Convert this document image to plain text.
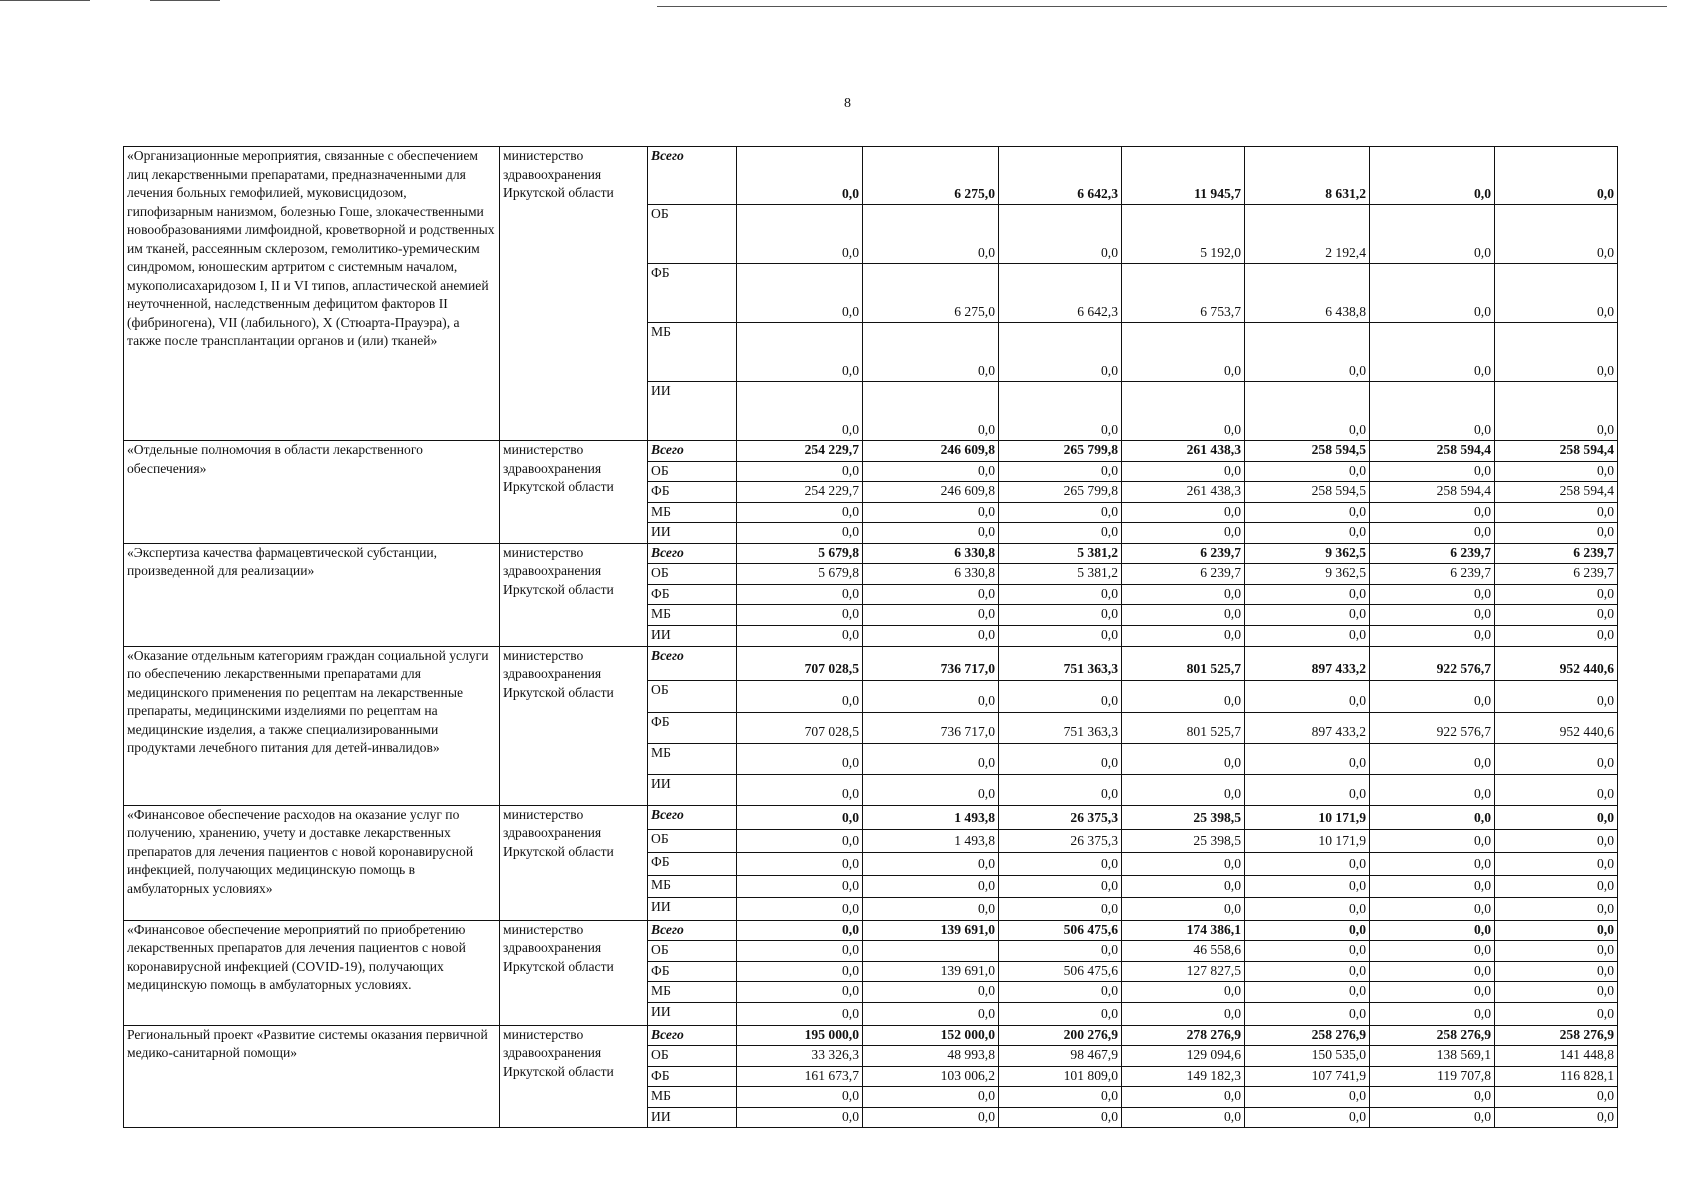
8
«Организационные мероприятия, связанные с обеспечением лиц лекарственными препаратами, предназначенными для лечения больных гемофилией, муковисцидозом, гипофизарным нанизмом, болезнью Гоше, злокачественными новообразованиями лимфоидной, кроветворной и родственных им тканей, рассеянным склерозом, гемолитико-уремическим синдромом, юношеским артритом с системным началом, мукополисахаридозом I, II и VI типов, апластической анемией неуточненной, наследственным дефицитом факторов II (фибриногена), VII (лабильного), X (Стюарта-Прауэра), а также после трансплантации органов и (или) тканей»	министерство здравоохранения Иркутской области	Всего	0,0	6 275,0	6 642,3	11 945,7	8 631,2	0,0	0,0
		ОБ	0,0	0,0	0,0	5 192,0	2 192,4	0,0	0,0
		ФБ	0,0	6 275,0	6 642,3	6 753,7	6 438,8	0,0	0,0
		МБ	0,0	0,0	0,0	0,0	0,0	0,0	0,0
		ИИ	0,0	0,0	0,0	0,0	0,0	0,0	0,0
«Отдельные полномочия в области лекарственного обеспечения»	министерство здравоохранения Иркутской области	Всего	254 229,7	246 609,8	265 799,8	261 438,3	258 594,5	258 594,4	258 594,4
		ОБ	0,0	0,0	0,0	0,0	0,0	0,0	0,0
		ФБ	254 229,7	246 609,8	265 799,8	261 438,3	258 594,5	258 594,4	258 594,4
		МБ	0,0	0,0	0,0	0,0	0,0	0,0	0,0
		ИИ	0,0	0,0	0,0	0,0	0,0	0,0	0,0
«Экспертиза качества фармацевтической субстанции, произведенной для реализации»	министерство здравоохранения Иркутской области	Всего	5 679,8	6 330,8	5 381,2	6 239,7	9 362,5	6 239,7	6 239,7
		ОБ	5 679,8	6 330,8	5 381,2	6 239,7	9 362,5	6 239,7	6 239,7
		ФБ	0,0	0,0	0,0	0,0	0,0	0,0	0,0
		МБ	0,0	0,0	0,0	0,0	0,0	0,0	0,0
		ИИ	0,0	0,0	0,0	0,0	0,0	0,0	0,0
«Оказание отдельным категориям граждан социальной услуги по обеспечению лекарственными препаратами для медицинского применения по рецептам на лекарственные препараты, медицинскими изделиями по рецептам на медицинские изделия, а также специализированными продуктами лечебного питания для детей-инвалидов»	министерство здравоохранения Иркутской области	Всего	707 028,5	736 717,0	751 363,3	801 525,7	897 433,2	922 576,7	952 440,6
		ОБ	0,0	0,0	0,0	0,0	0,0	0,0	0,0
		ФБ	707 028,5	736 717,0	751 363,3	801 525,7	897 433,2	922 576,7	952 440,6
		МБ	0,0	0,0	0,0	0,0	0,0	0,0	0,0
		ИИ	0,0	0,0	0,0	0,0	0,0	0,0	0,0
«Финансовое обеспечение расходов на оказание услуг по получению, хранению, учету и доставке лекарственных препаратов для лечения пациентов с новой коронавирусной инфекцией, получающих медицинскую помощь в амбулаторных условиях»	министерство здравоохранения Иркутской области	Всего	0,0	1 493,8	26 375,3	25 398,5	10 171,9	0,0	0,0
		ОБ	0,0	1 493,8	26 375,3	25 398,5	10 171,9	0,0	0,0
		ФБ	0,0	0,0	0,0	0,0	0,0	0,0	0,0
		МБ	0,0	0,0	0,0	0,0	0,0	0,0	0,0
		ИИ	0,0	0,0	0,0	0,0	0,0	0,0	0,0
«Финансовое обеспечение мероприятий по приобретению лекарственных препаратов для лечения пациентов с новой коронавирусной инфекцией (COVID-19), получающих медицинскую помощь в амбулаторных условиях.	министерство здравоохранения Иркутской области	Всего	0,0	139 691,0	506 475,6	174 386,1	0,0	0,0	0,0
		ОБ	0,0		0,0	46 558,6	0,0	0,0	0,0
		ФБ	0,0	139 691,0	506 475,6	127 827,5	0,0	0,0	0,0
		МБ	0,0	0,0	0,0	0,0	0,0	0,0	0,0
		ИИ	0,0	0,0	0,0	0,0	0,0	0,0	0,0
Региональный проект «Развитие системы оказания первичной медико-санитарной помощи»	министерство здравоохранения Иркутской области	Всего	195 000,0	152 000,0	200 276,9	278 276,9	258 276,9	258 276,9	258 276,9
		ОБ	33 326,3	48 993,8	98 467,9	129 094,6	150 535,0	138 569,1	141 448,8
		ФБ	161 673,7	103 006,2	101 809,0	149 182,3	107 741,9	119 707,8	116 828,1
		МБ	0,0	0,0	0,0	0,0	0,0	0,0	0,0
		ИИ	0,0	0,0	0,0	0,0	0,0	0,0	0,0
